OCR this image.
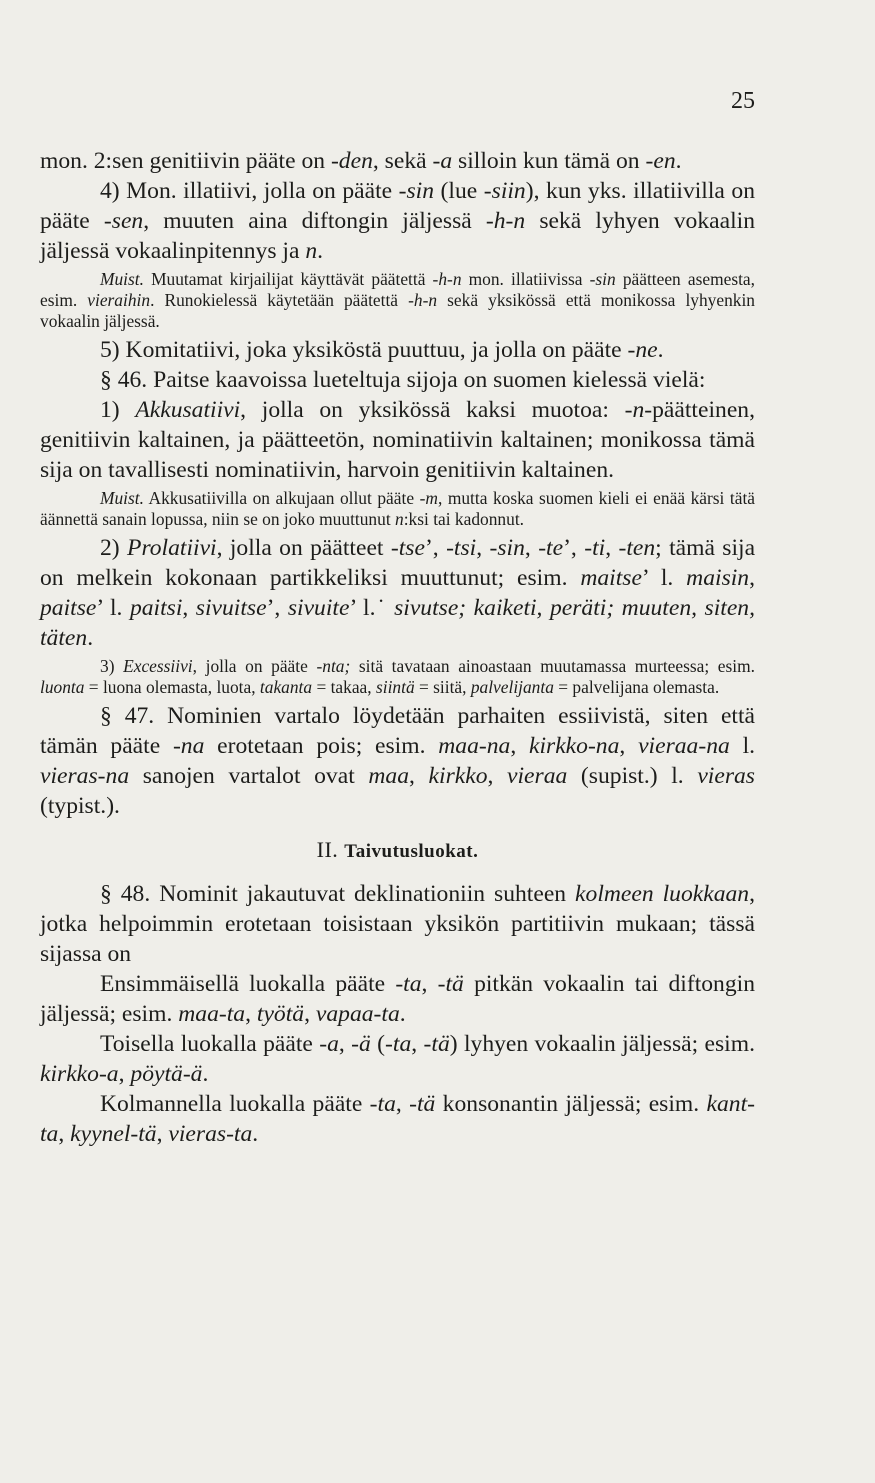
25

mon. 2:sen genitiivin pääte on -den, sekä -a silloin kun tämä on -en.

4) Mon. illatiivi, jolla on pääte -sin (lue -siin), kun yks. illatiivilla on pääte -sen, muuten aina diftongin jäljessä -h-n sekä lyhyen vokaalin jäljessä vokaalinpitennys ja n.

Muist. Muutamat kirjailijat käyttävät päätettä -h-n mon. illatiivissa -sin päätteen asemesta, esim. vieraihin. Runokielessä käytetään päätettä -h-n sekä yksikössä että monikossa lyhyenkin vokaalin jäljessä.

5) Komitatiivi, joka yksiköstä puuttuu, ja jolla on pääte -ne.

§ 46. Paitse kaavoissa lueteltuja sijoja on suomen kielessä vielä:

1) Akkusatiivi, jolla on yksikössä kaksi muotoa: -n-päätteinen, genitiivin kaltainen, ja päätteetön, nominatiivin kaltainen; monikossa tämä sija on tavallisesti nominatiivin, harvoin genitiivin kaltainen.

Muist. Akkusatiivilla on alkujaan ollut pääte -m, mutta koska suomen kieli ei enää kärsi tätä äännettä sanain lopussa, niin se on joko muuttunut n:ksi tai kadonnut.

2) Prolatiivi, jolla on päätteet -tse’, -tsi, -sin, -te’, -ti, -ten; tämä sija on melkein kokonaan partikkeliksi muuttunut; esim. maitse’ l. maisin, paitse’ l. paitsi, sivuitse’, sivuite’ l.˙ sivutse; kaiketi, peräti; muuten, siten, täten.

3) Excessiivi, jolla on pääte -nta; sitä tavataan ainoastaan muutamassa murteessa; esim. luonta = luona olemasta, luota, takanta = takaa, siintä = siitä, palvelijanta = palvelijana olemasta.

§ 47. Nominien vartalo löydetään parhaiten essiivistä, siten että tämän pääte -na erotetaan pois; esim. maa-na, kirkko-na, vieraa-na l. vieras-na sanojen vartalot ovat maa, kirkko, vieraa (supist.) l. vieras (typist.).

II. Taivutusluokat.

§ 48. Nominit jakautuvat deklinationiin suhteen kolmeen luokkaan, jotka helpoimmin erotetaan toisistaan yksikön partitiivin mukaan; tässä sijassa on

Ensimmäisellä luokalla pääte -ta, -tä pitkän vokaalin tai diftongin jäljessä; esim. maa-ta, työtä, vapaa-ta.

Toisella luokalla pääte -a, -ä (-ta, -tä) lyhyen vokaalin jäljessä; esim. kirkko-a, pöytä-ä.

Kolmannella luokalla pääte -ta, -tä konsonantin jäljessä; esim. kant-ta, kyynel-tä, vieras-ta.
